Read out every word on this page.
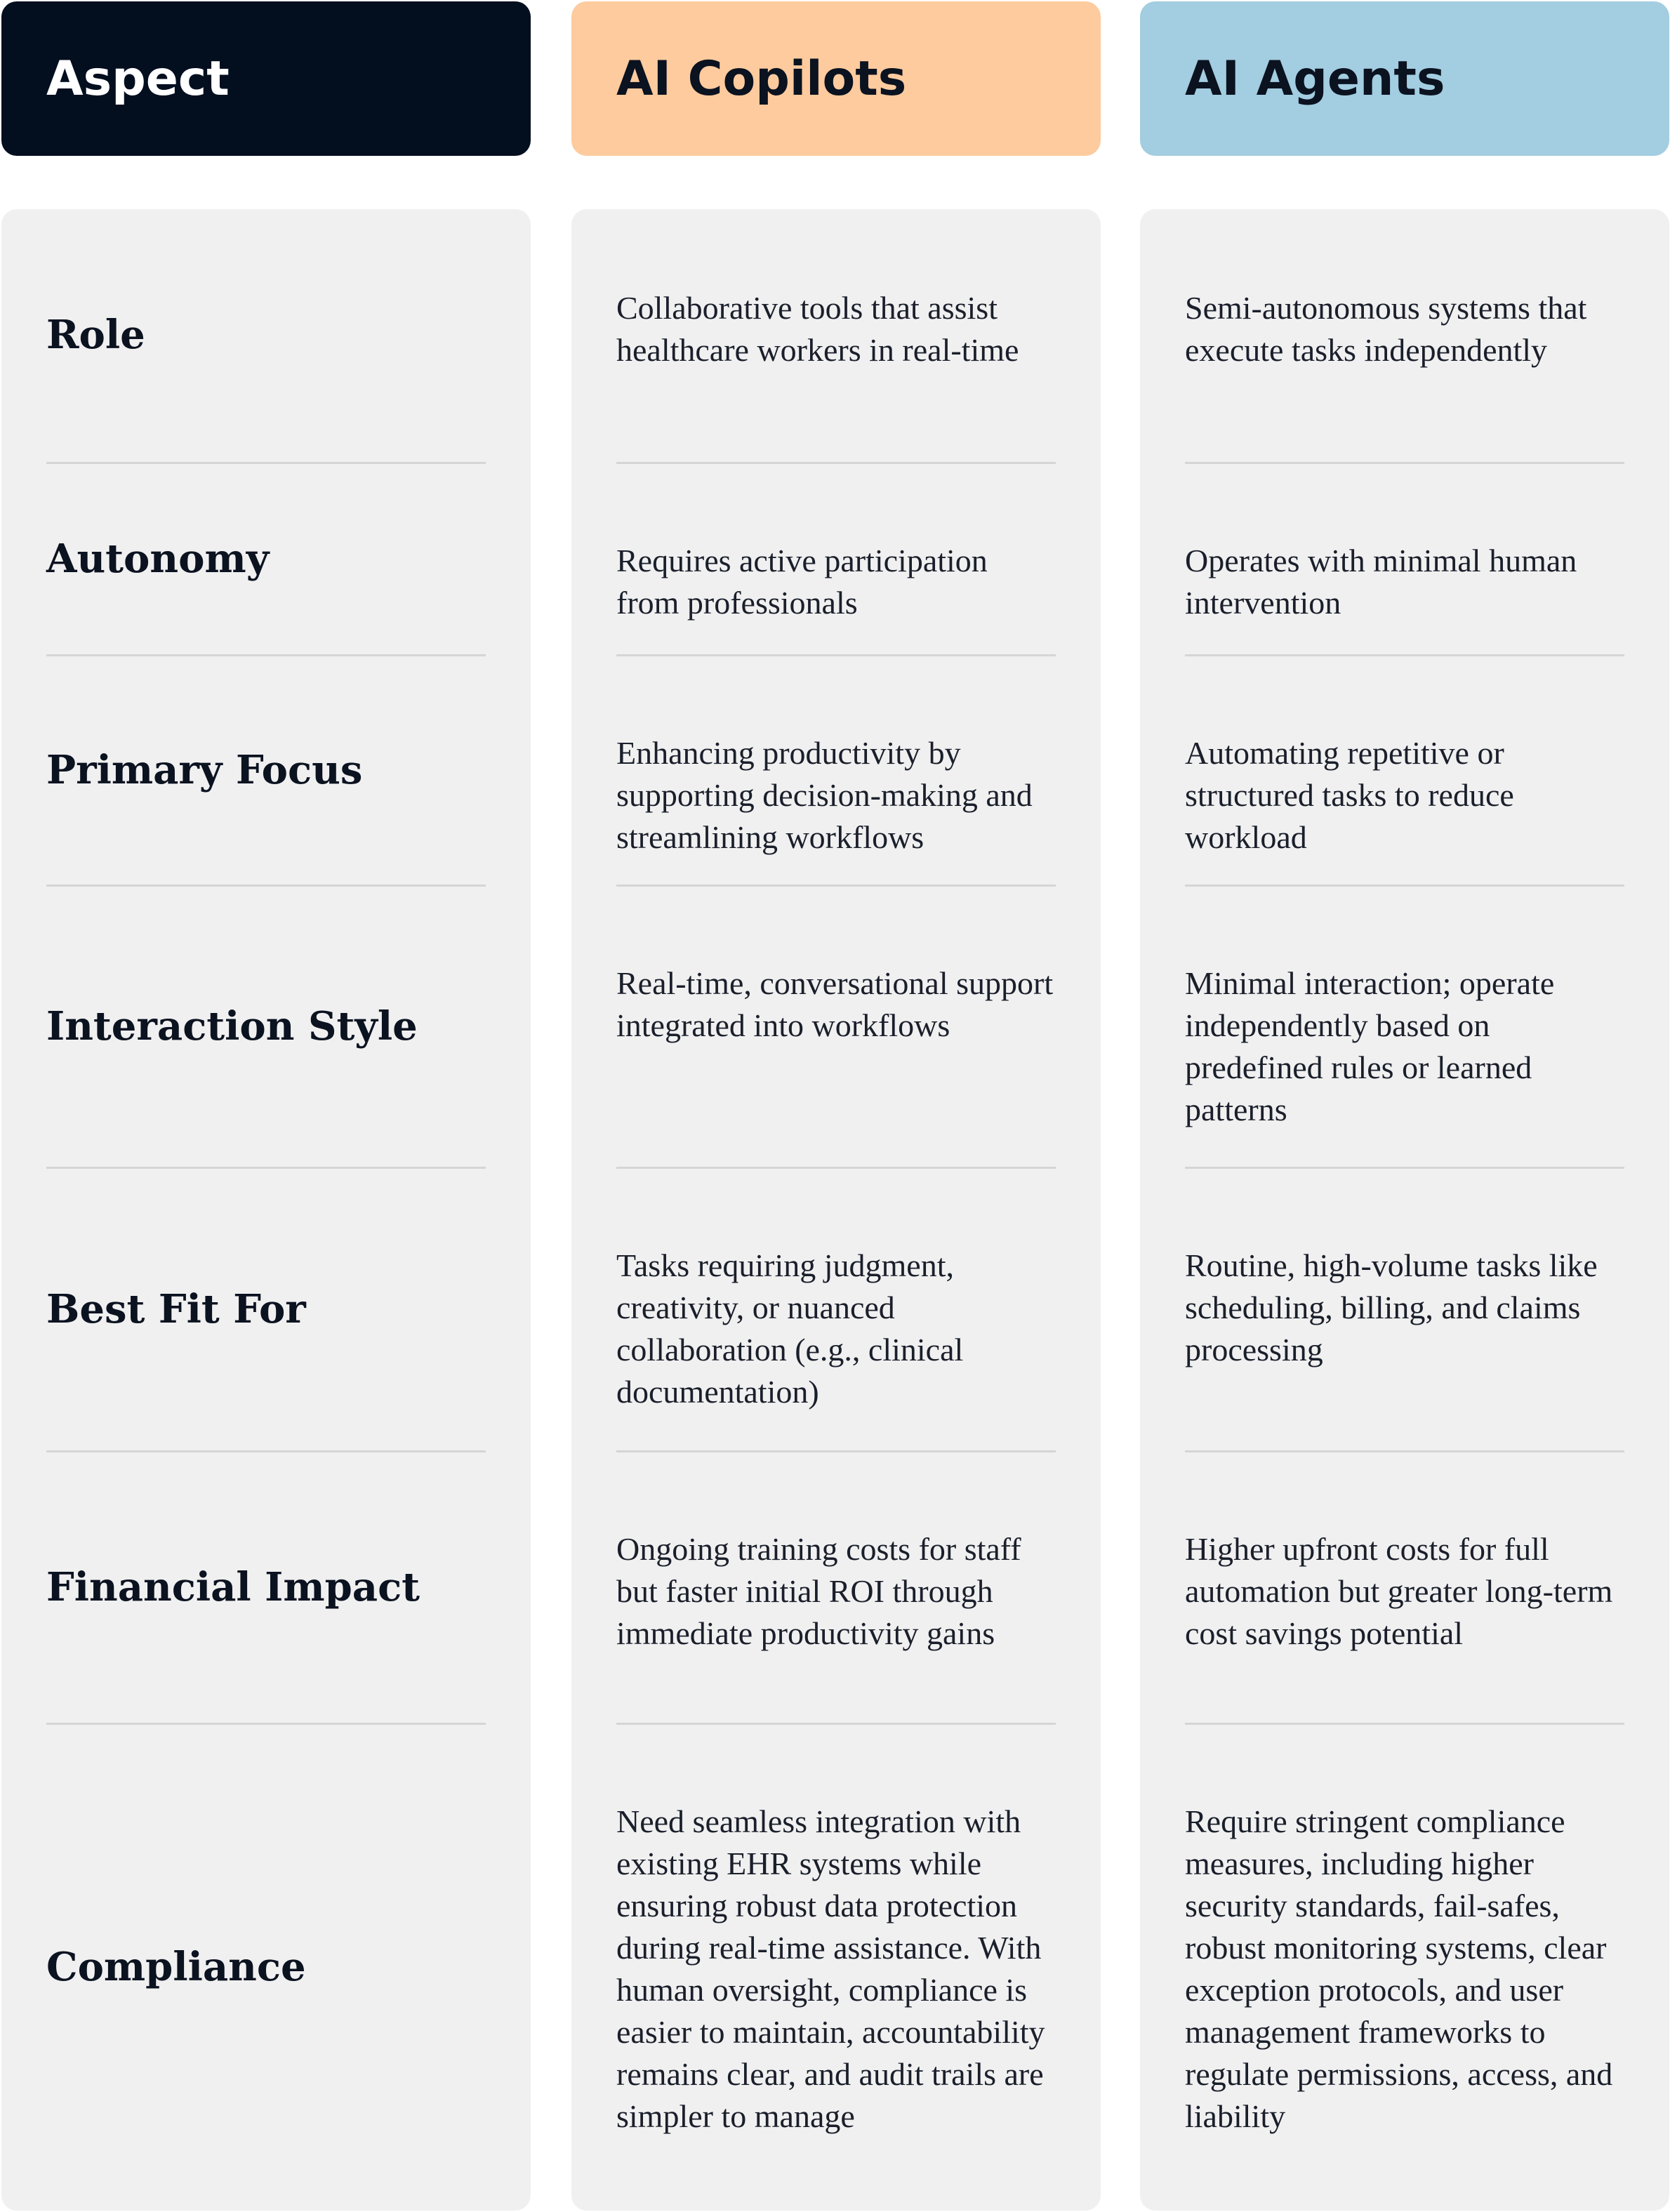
Aspect	AI Copilots	AI Agents
Role
Autonomy
Primary Focus
Interaction Style
Best Fit For
Financial Impact
Compliance
Collaborative tools that assist healthcare workers in real-time
Requires active participation from professionals
Enhancing productivity by supporting decision-making and streamlining workflows
Real-time, conversational support integrated into workflows
Tasks requiring judgment, creativity, or nuanced collaboration (e.g., clinical documentation)
Ongoing training costs for staff but faster initial ROI through immediate productivity gains
Need seamless integration with existing EHR systems while ensuring robust data protection during real-time assistance. With human oversight, compliance is easier to maintain, accountability remains clear, and audit trails are simpler to manage
Semi-autonomous systems that execute tasks independently
Operates with minimal human intervention
Automating repetitive or structured tasks to reduce workload
Minimal interaction; operate independently based on predefined rules or learned patterns
Routine, high-volume tasks like scheduling, billing, and claims processing
Higher upfront costs for full automation but greater long-term cost savings potential
Require stringent compliance measures, including higher security standards, fail-safes, robust monitoring systems, clear exception protocols, and user management frameworks to regulate permissions, access, and liability
